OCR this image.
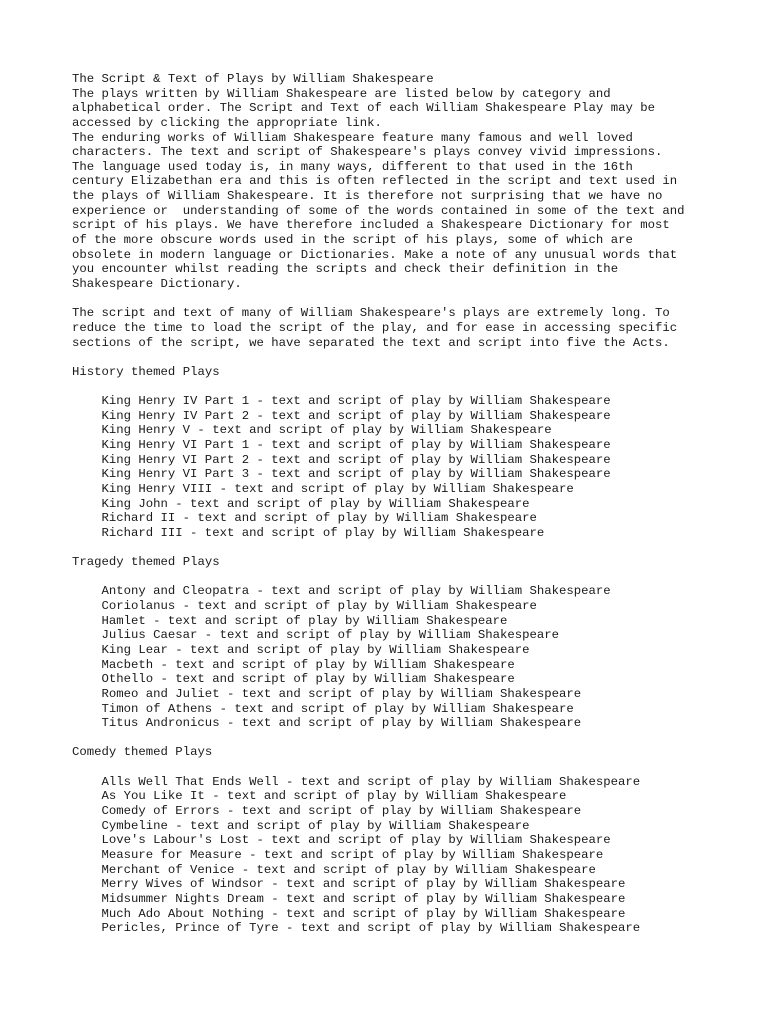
The Script & Text of Plays by William Shakespeare
The plays written by William Shakespeare are listed below by category and
alphabetical order. The Script and Text of each William Shakespeare Play may be
accessed by clicking the appropriate link.
The enduring works of William Shakespeare feature many famous and well loved
characters. The text and script of Shakespeare's plays convey vivid impressions.
The language used today is, in many ways, different to that used in the 16th
century Elizabethan era and this is often reflected in the script and text used in
the plays of William Shakespeare. It is therefore not surprising that we have no
experience or  understanding of some of the words contained in some of the text and
script of his plays. We have therefore included a Shakespeare Dictionary for most
of the more obscure words used in the script of his plays, some of which are
obsolete in modern language or Dictionaries. Make a note of any unusual words that
you encounter whilst reading the scripts and check their definition in the
Shakespeare Dictionary.
The script and text of many of William Shakespeare's plays are extremely long. To
reduce the time to load the script of the play, and for ease in accessing specific
sections of the script, we have separated the text and script into five the Acts.
History themed Plays
King Henry IV Part 1 - text and script of play by William Shakespeare
King Henry IV Part 2 - text and script of play by William Shakespeare
King Henry V - text and script of play by William Shakespeare
King Henry VI Part 1 - text and script of play by William Shakespeare
King Henry VI Part 2 - text and script of play by William Shakespeare
King Henry VI Part 3 - text and script of play by William Shakespeare
King Henry VIII - text and script of play by William Shakespeare
King John - text and script of play by William Shakespeare
Richard II - text and script of play by William Shakespeare
Richard III - text and script of play by William Shakespeare
Tragedy themed Plays
Antony and Cleopatra - text and script of play by William Shakespeare
Coriolanus - text and script of play by William Shakespeare
Hamlet - text and script of play by William Shakespeare
Julius Caesar - text and script of play by William Shakespeare
King Lear - text and script of play by William Shakespeare
Macbeth - text and script of play by William Shakespeare
Othello - text and script of play by William Shakespeare
Romeo and Juliet - text and script of play by William Shakespeare
Timon of Athens - text and script of play by William Shakespeare
Titus Andronicus - text and script of play by William Shakespeare
Comedy themed Plays
Alls Well That Ends Well - text and script of play by William Shakespeare
As You Like It - text and script of play by William Shakespeare
Comedy of Errors - text and script of play by William Shakespeare
Cymbeline - text and script of play by William Shakespeare
Love's Labour's Lost - text and script of play by William Shakespeare
Measure for Measure - text and script of play by William Shakespeare
Merchant of Venice - text and script of play by William Shakespeare
Merry Wives of Windsor - text and script of play by William Shakespeare
Midsummer Nights Dream - text and script of play by William Shakespeare
Much Ado About Nothing - text and script of play by William Shakespeare
Pericles, Prince of Tyre - text and script of play by William Shakespeare
